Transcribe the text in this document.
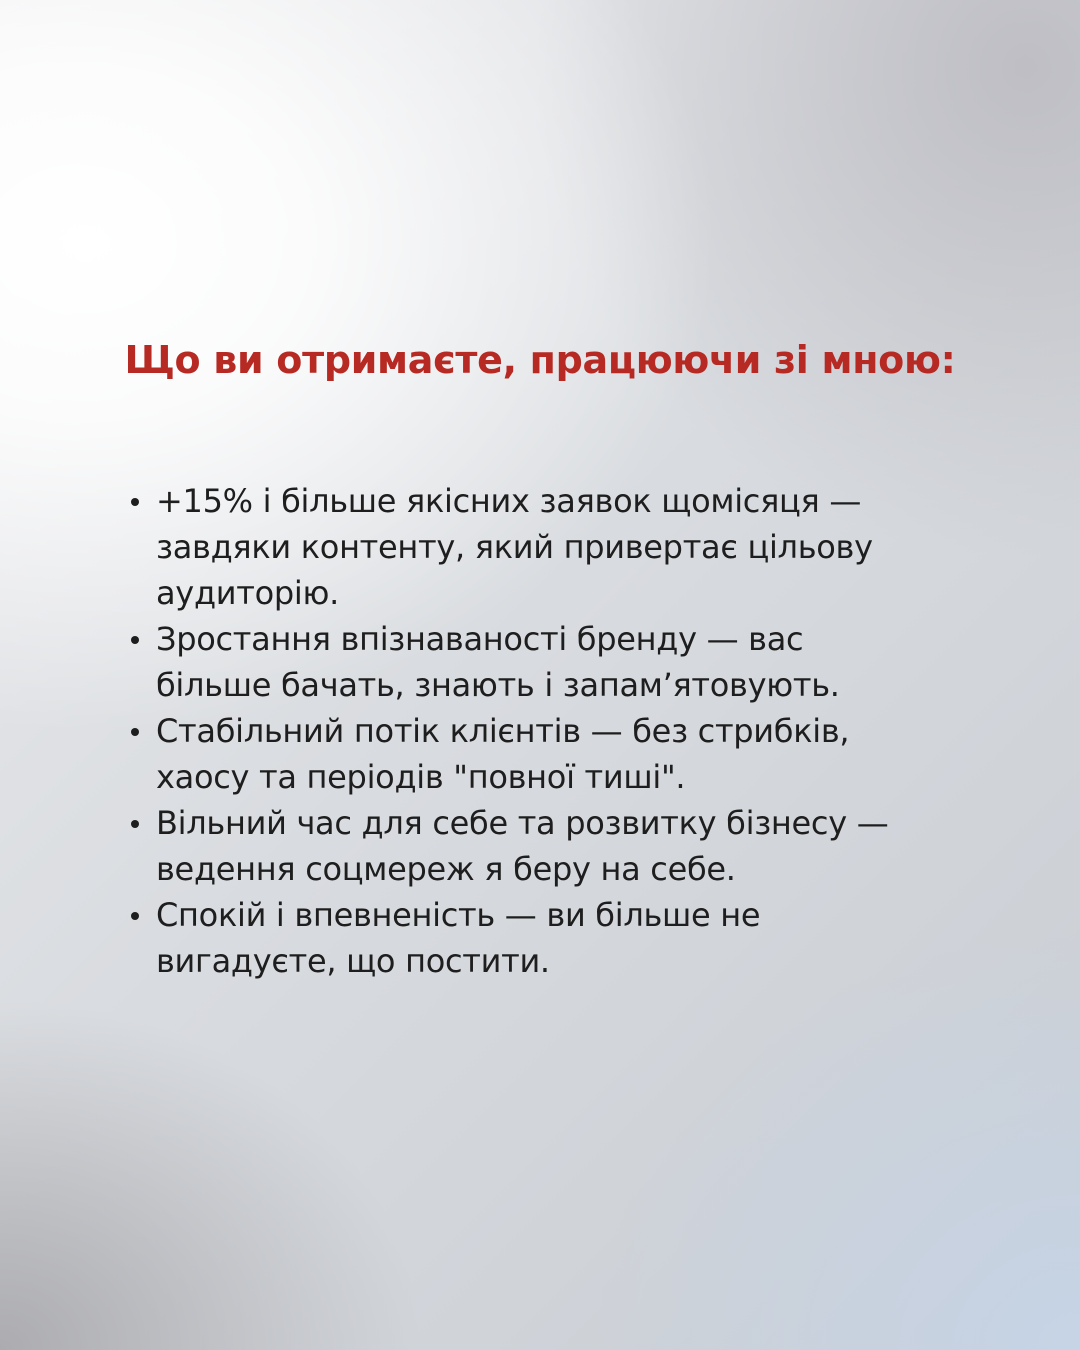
Що ви отримаєте, працюючи зі мною:
+15% і більше якісних заявок щомісяця —
завдяки контенту, який привертає цільову
аудиторію.
Зростання впізнаваності бренду — вас
більше бачать, знають і запам’ятовують.
Стабільний потік клієнтів — без стрибків,
хаосу та періодів "повної тиші".
Вільний час для себе та розвитку бізнесу —
ведення соцмереж я беру на себе.
Спокій і впевненість — ви більше не
вигадуєте, що постити.
